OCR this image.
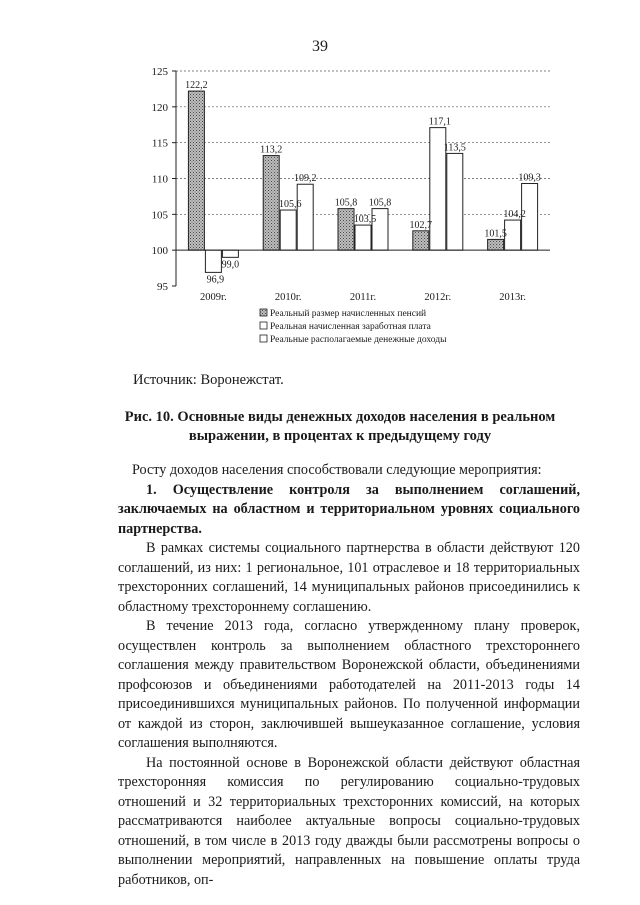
39
122,2
96,9
99,0
113,2
105,6
109,2
105,8
103,5
105,8
102,7
117,1
113,5
101,5
104,2
109,3
95
100
105
110
115
120
125
2009г.	2010г.	2011г.	2012г.	2013г.
Реальный размер начисленных пенсий
Реальная начисленная заработная плата
Реальные располагаемые денежные доходы
Источник: Воронежстат.
Рис. 10. Основные виды денежных доходов населения в реальном выражении, в процентах к предыдущему году

Росту доходов населения способствовали следующие мероприятия:

1. Осуществление контроля за выполнением соглашений, заключаемых на областном и территориальном уровнях социального партнерства.

В рамках системы социального партнерства в области действуют 120 соглашений, из них: 1 региональное, 101 отраслевое и 18 территориальных трехсторонних соглашений, 14 муниципальных районов присоединились к областному трехстороннему соглашению.

В течение 2013 года, согласно утвержденному плану проверок, осуществлен контроль за выполнением областного трехстороннего соглашения между правительством Воронежской области, объединениями профсоюзов и объединениями работодателей на 2011-2013 годы 14 присоединившихся муниципальных районов. По полученной информации от каждой из сторон, заключившей вышеуказанное соглашение, условия соглашения выполняются.

На постоянной основе в Воронежской области действуют областная трехсторонняя комиссия по регулированию социально-трудовых отношений и 32 территориальных трехсторонних комиссий, на которых рассматриваются наиболее актуальные вопросы социально-трудовых отношений, в том числе в 2013 году дважды были рассмотрены вопросы о выполнении мероприятий, направленных на повышение оплаты труда работников, оп-
